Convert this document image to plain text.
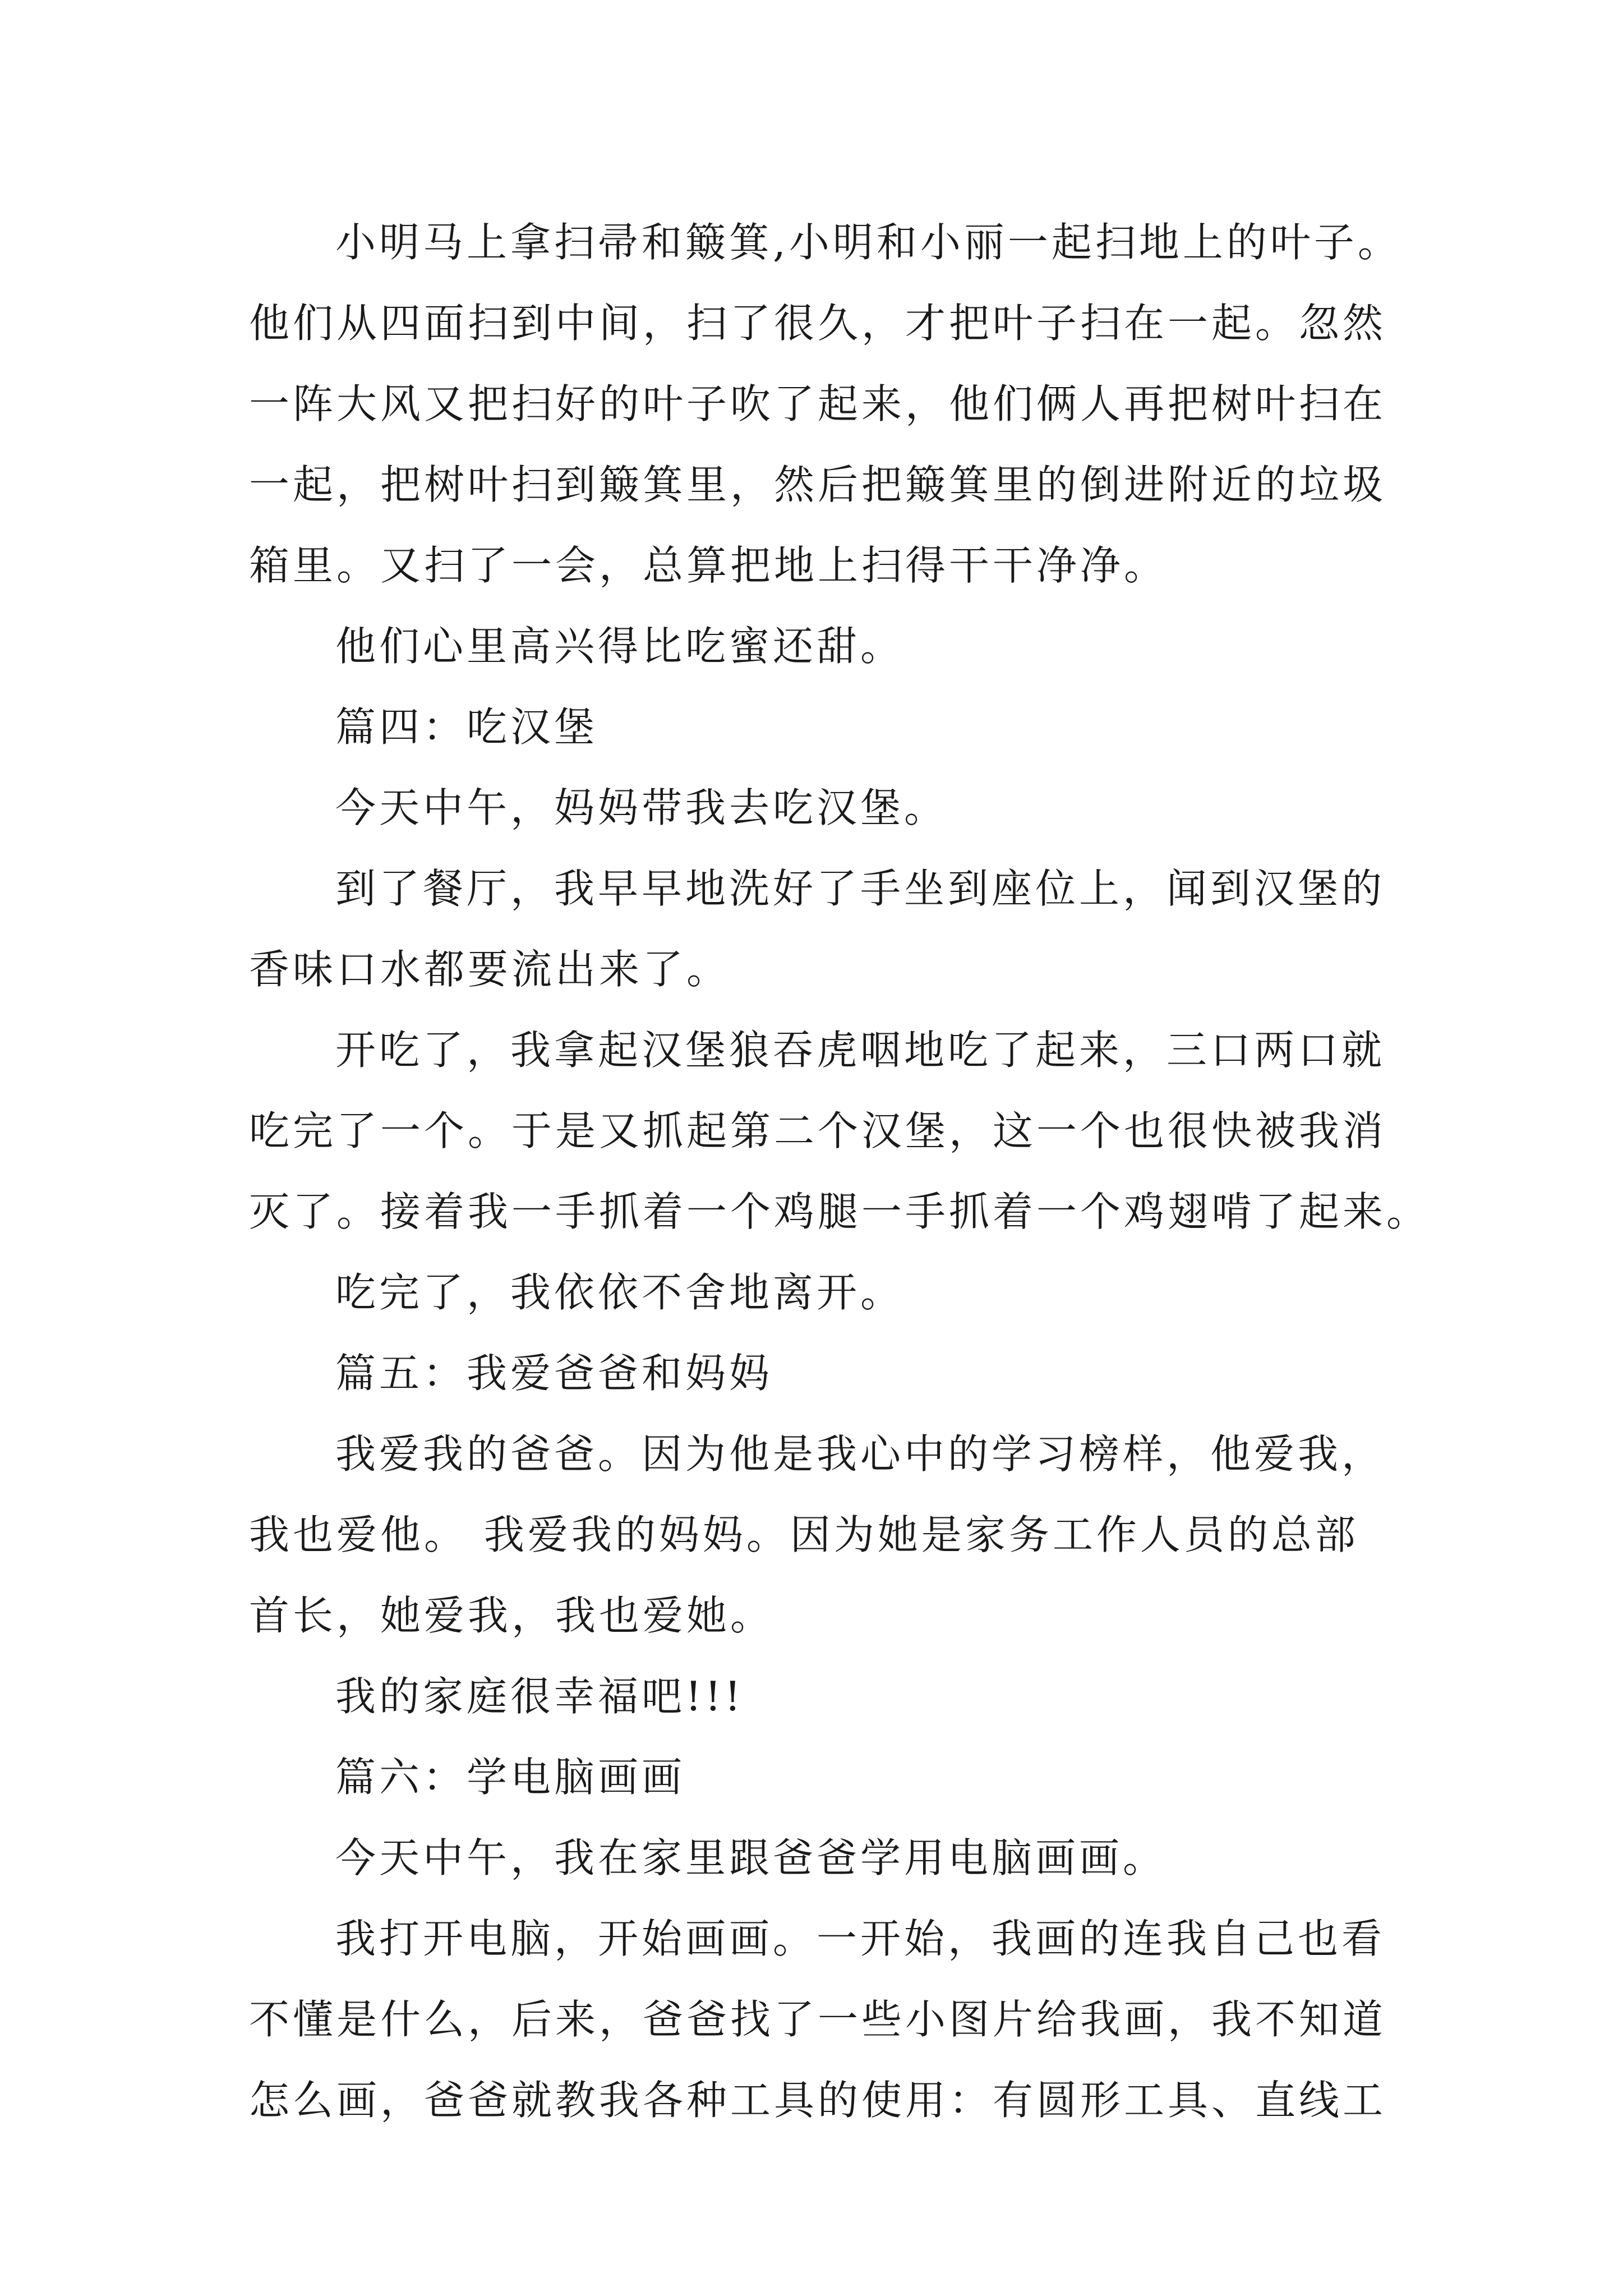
小明马上拿扫帚和簸箕,小明和小丽一起扫地上的叶子。
他们从四面扫到中间，扫了很久，才把叶子扫在一起。忽然
一阵大风又把扫好的叶子吹了起来，他们俩人再把树叶扫在
一起，把树叶扫到簸箕里，然后把簸箕里的倒进附近的垃圾
箱里。又扫了一会，总算把地上扫得干干净净。
他们心里高兴得比吃蜜还甜。
篇四：吃汉堡
今天中午，妈妈带我去吃汉堡。
到了餐厅，我早早地洗好了手坐到座位上，闻到汉堡的
香味口水都要流出来了。
开吃了，我拿起汉堡狼吞虎咽地吃了起来，三口两口就
吃完了一个。于是又抓起第二个汉堡，这一个也很快被我消
灭了。接着我一手抓着一个鸡腿一手抓着一个鸡翅啃了起来。
吃完了，我依依不舍地离开。
篇五：我爱爸爸和妈妈
我爱我的爸爸。因为他是我心中的学习榜样，他爱我，
我也爱他。 我爱我的妈妈。因为她是家务工作人员的总部
首长，她爱我，我也爱她。
我的家庭很幸福吧!!!
篇六：学电脑画画
今天中午，我在家里跟爸爸学用电脑画画。
我打开电脑，开始画画。一开始，我画的连我自己也看
不懂是什么，后来，爸爸找了一些小图片给我画，我不知道
怎么画，爸爸就教我各种工具的使用：有圆形工具、直线工
